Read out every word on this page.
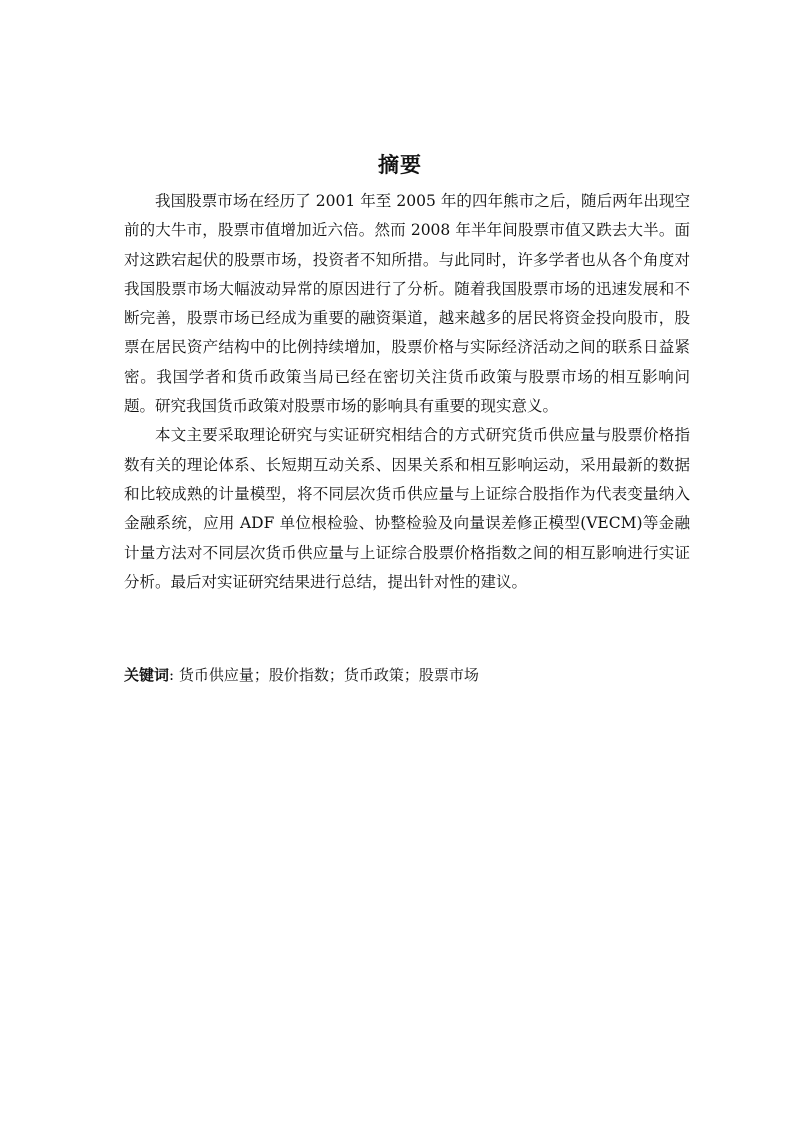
摘要

我国股票市场在经历了 2001 年至 2005 年的四年熊市之后，随后两年出现空前的大牛市，股票市值增加近六倍。然而 2008 年半年间股票市值又跌去大半。面对这跌宕起伏的股票市场，投资者不知所措。与此同时，许多学者也从各个角度对我国股票市场大幅波动异常的原因进行了分析。随着我国股票市场的迅速发展和不断完善，股票市场已经成为重要的融资渠道，越来越多的居民将资金投向股市，股票在居民资产结构中的比例持续增加，股票价格与实际经济活动之间的联系日益紧密。我国学者和货币政策当局已经在密切关注货币政策与股票市场的相互影响问题。研究我国货币政策对股票市场的影响具有重要的现实意义。

本文主要采取理论研究与实证研究相结合的方式研究货币供应量与股票价格指数有关的理论体系、长短期互动关系、因果关系和相互影响运动，采用最新的数据和比较成熟的计量模型，将不同层次货币供应量与上证综合股指作为代表变量纳入金融系统，应用 ADF 单位根检验、协整检验及向量误差修正模型(VECM)等金融计量方法对不同层次货币供应量与上证综合股票价格指数之间的相互影响进行实证分析。最后对实证研究结果进行总结，提出针对性的建议。

关键词: 货币供应量；股价指数；货币政策；股票市场
